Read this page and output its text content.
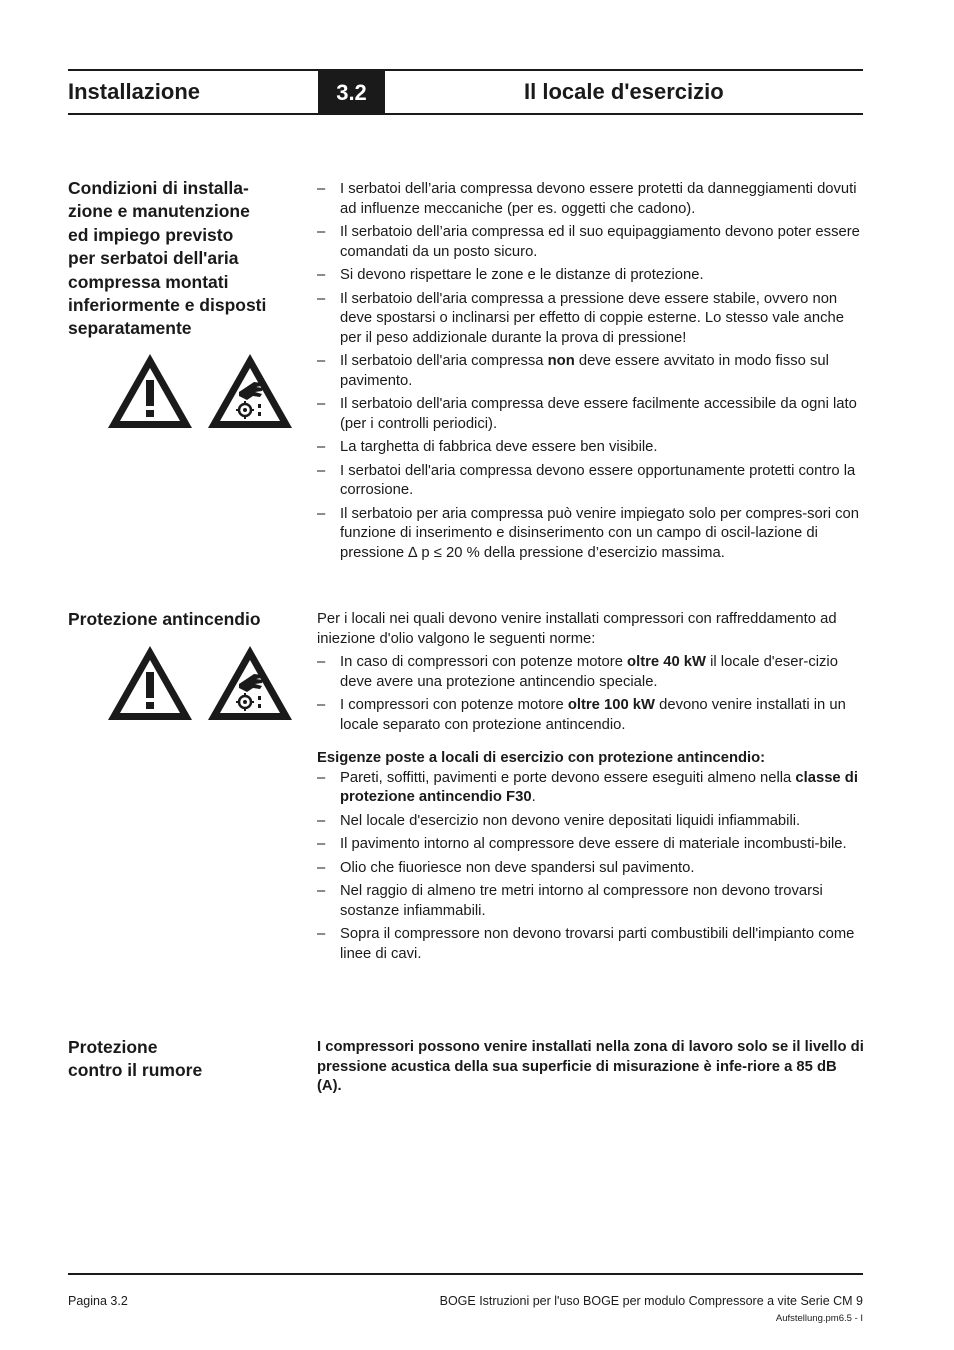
Installazione	3.2	Il locale d'esercizio
Condizioni di installa-
zione e manutenzione
ed impiego previsto
per serbatoi dell'aria
compressa montati
inferiormente e disposti
separatamente
– I serbatoi dell’aria compressa devono essere protetti da danneggiamenti dovuti ad influenze meccaniche (per es. oggetti che cadono).
– Il serbatoio dell’aria compressa ed il suo equipaggiamento devono poter essere comandati da un posto sicuro.
– Si devono rispettare le zone e le distanze di protezione.
– Il serbatoio dell'aria compressa a pressione deve essere stabile, ovvero non deve spostarsi o inclinarsi per effetto di coppie esterne. Lo stesso vale anche per il peso addizionale durante la prova di pressione!
– Il serbatoio dell'aria compressa non deve essere avvitato in modo fisso sul pavimento.
– Il serbatoio dell'aria compressa deve essere facilmente accessibile da ogni lato (per i controlli periodici).
– La targhetta di fabbrica deve essere ben visibile.
– I serbatoi dell'aria compressa devono essere opportunamente protetti contro la corrosione.
– Il serbatoio per aria compressa può venire impiegato solo per compres-sori con funzione di inserimento e disinserimento con un campo di oscil-lazione di pressione ∆ p ≤ 20 % della pressione d’esercizio massima.
Protezione antincendio	Per i locali nei quali devono venire installati compressori con raffreddamento ad iniezione d'olio valgono le seguenti norme:

– In caso di compressori con potenze motore oltre 40 kW il locale d'eser-cizio deve avere una protezione antincendio speciale.
– I compressori con potenze motore oltre 100 kW devono venire installati in un locale separato con protezione antincendio.

Esigenze poste a locali di esercizio con protezione antincendio:

– Pareti, soffitti, pavimenti e porte devono essere eseguiti almeno nella classe di protezione antincendio F30.
– Nel locale d'esercizio non devono venire depositati liquidi infiammabili.
– Il pavimento intorno al compressore deve essere di materiale incombusti-bile.
– Olio che fiuoriesce non deve spandersi sul pavimento.
– Nel raggio di almeno tre metri intorno al compressore non devono trovarsi sostanze infiammabili.
– Sopra il compressore non devono trovarsi parti combustibili dell'impianto come linee di cavi.
Protezione
contro il rumore
I compressori possono venire installati nella zona di lavoro solo se il livello di pressione acustica della sua superficie di misurazione è infe-riore a 85 dB (A).
Pagina 3.2	BOGE Istruzioni per l'uso BOGE per modulo Compressore a vite Serie CM 9
Aufstellung.pm6.5 - I
